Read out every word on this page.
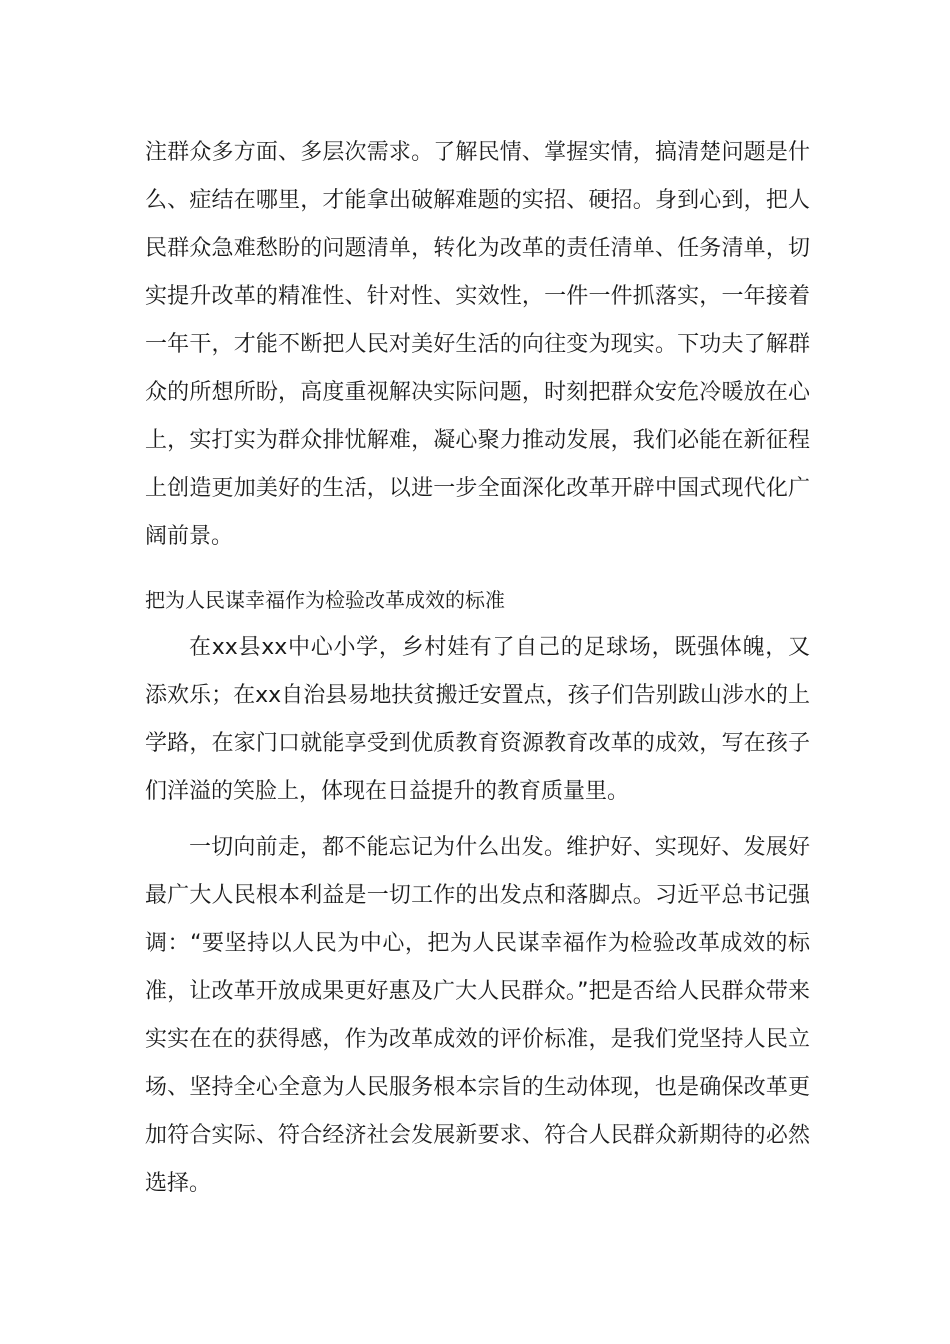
注群众多方面、多层次需求。了解民情、掌握实情，搞清楚问题是什么、症结在哪里，才能拿出破解难题的实招、硬招。身到心到，把人民群众急难愁盼的问题清单，转化为改革的责任清单、任务清单，切实提升改革的精准性、针对性、实效性，一件一件抓落实，一年接着一年干，才能不断把人民对美好生活的向往变为现实。下功夫了解群众的所想所盼，高度重视解决实际问题，时刻把群众安危冷暖放在心上，实打实为群众排忧解难，凝心聚力推动发展，我们必能在新征程上创造更加美好的生活，以进一步全面深化改革开辟中国式现代化广阔前景。

把为人民谋幸福作为检验改革成效的标准

在xx县xx中心小学，乡村娃有了自己的足球场，既强体魄，又添欢乐；在xx自治县易地扶贫搬迁安置点，孩子们告别跋山涉水的上学路，在家门口就能享受到优质教育资源教育改革的成效，写在孩子们洋溢的笑脸上，体现在日益提升的教育质量里。

一切向前走，都不能忘记为什么出发。维护好、实现好、发展好最广大人民根本利益是一切工作的出发点和落脚点。习近平总书记强调：“要坚持以人民为中心，把为人民谋幸福作为检验改革成效的标准，让改革开放成果更好惠及广大人民群众。”把是否给人民群众带来实实在在的获得感，作为改革成效的评价标准，是我们党坚持人民立场、坚持全心全意为人民服务根本宗旨的生动体现，也是确保改革更加符合实际、符合经济社会发展新要求、符合人民群众新期待的必然选择。
